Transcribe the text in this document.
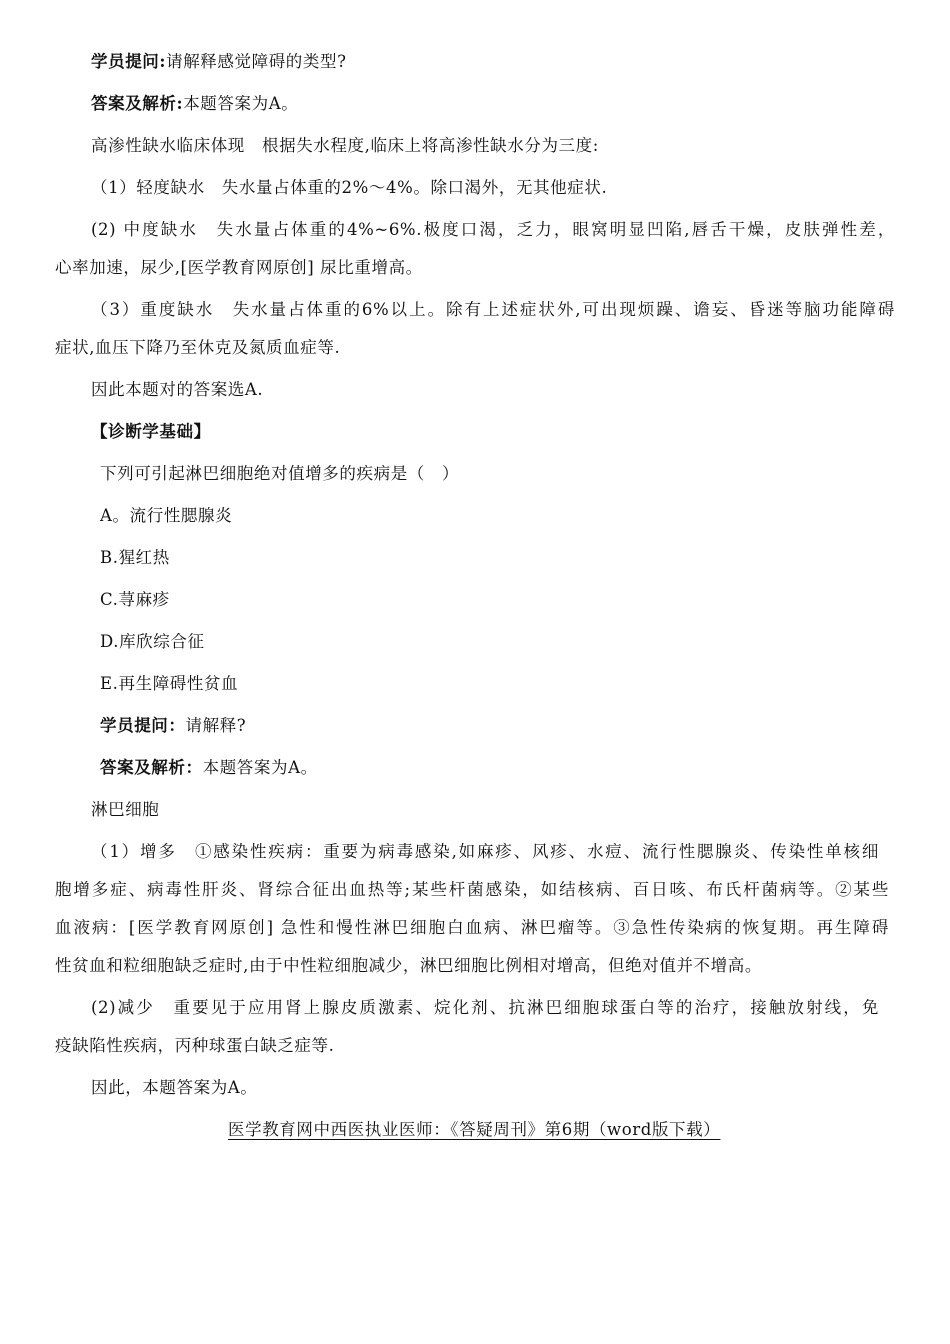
学员提问:请解释感觉障碍的类型?
答案及解析:本题答案为A。
高渗性缺水临床体现　根据失水程度,临床上将高渗性缺水分为三度:
（1）轻度缺水　失水量占体重的2%～4%。除口渴外，无其他症状.
(2) 中度缺水　失水量占体重的4%~6%.极度口渴，乏力，眼窝明显凹陷,唇舌干燥，皮肤弹性差，
心率加速，尿少,[医学教育网原创] 尿比重增高。
（3）重度缺水　失水量占体重的6%以上。除有上述症状外,可出现烦躁、谵妄、昏迷等脑功能障碍
症状,血压下降乃至休克及氮质血症等.
因此本题对的答案选A.
【诊断学基础】
下列可引起淋巴细胞绝对值增多的疾病是（　）
A。流行性腮腺炎
B.猩红热
C.荨麻疹
D.库欣综合征
E.再生障碍性贫血
学员提问：请解释?
答案及解析：本题答案为A。
淋巴细胞
（1）增多　①感染性疾病：重要为病毒感染,如麻疹、风疹、水痘、流行性腮腺炎、传染性单核细
胞增多症、病毒性肝炎、肾综合征出血热等;某些杆菌感染，如结核病、百日咳、布氏杆菌病等。②某些
血液病：[医学教育网原创] 急性和慢性淋巴细胞白血病、淋巴瘤等。③急性传染病的恢复期。再生障碍
性贫血和粒细胞缺乏症时,由于中性粒细胞减少，淋巴细胞比例相对增高，但绝对值并不增高。
(2)减少　重要见于应用肾上腺皮质激素、烷化剂、抗淋巴细胞球蛋白等的治疗，接触放射线，免
疫缺陷性疾病，丙种球蛋白缺乏症等.
因此，本题答案为A。
医学教育网中西医执业医师：《答疑周刊》第6期（word版下载）
